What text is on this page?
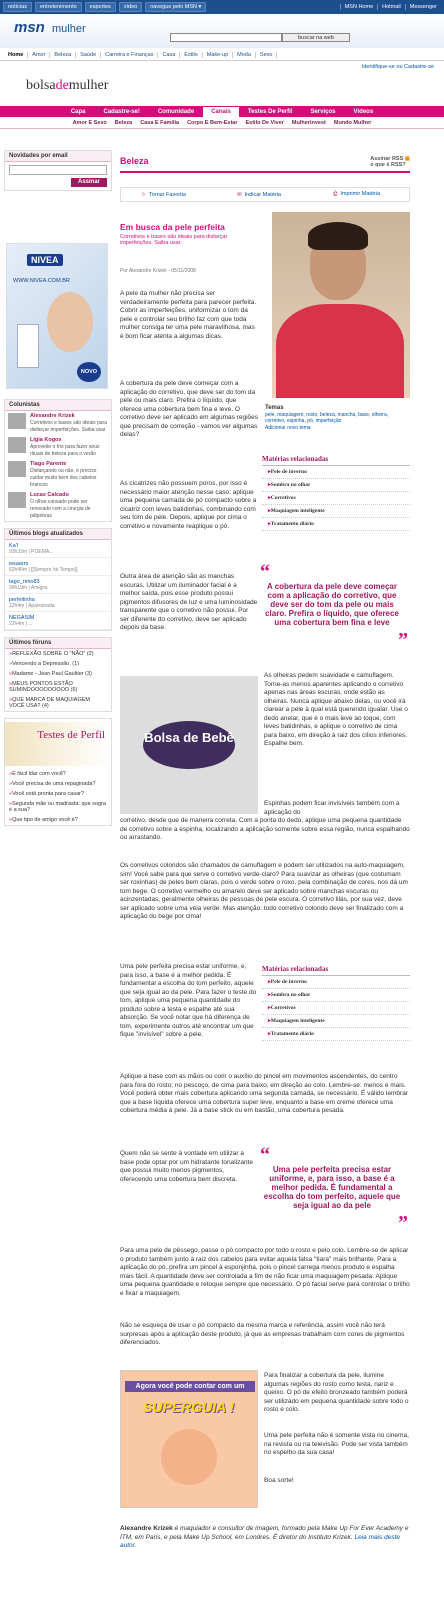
notícias	entretenimento	esportes	vídeo	navegue pelo MSN ▾	MSN Home	Hotmail	Messenger
msn mulher
buscar na web
Home	Amor	Beleza	Saúde	Carreira e Finanças	Casa	Estilo	Make-up	Moda	Sexo
bolsademulher
Identifique-se ou Cadastre-se
Capa	Cadastre-se!	Comunidade	Canais	Testes De Perfil	Serviços	Vídeos
Amor E Sexo	Beleza	Casa E Família	Corpo E Bem-Estar	Estilo De Viver	Mulherinvest	Mundo Mulher
Novidades por email
Assinar
NIVEA
WWW.NIVEA.COM.BR
NOVO
Colunistas
Alexandre Krizek
Corretivos e bases são ideais para disfarçar imperfeições. Saiba usar
Ligia Kogos
Aproveite o frio para fazer seus rituais de beleza para o verão
Tiago Parente
Disfarçando ou não, é preciso cuidar muito bem dos cabelos brancos
Lucas Calcado
O olhar cansado pode ser renovado com a cirurgia de pálpebras
Últimos blogs atualizados
Ka'l
93h32m | POEMA...
wsaarrs
62h45m | [[Sempre há Tempo]]
tago_rimo83
99h19m | Amigos
perfeitinha
22h4m | Apaixonada
NEGASIM
22h4m | ...
Últimos fóruns
» REFLEXÃO SOBRE O "NÃO" (2)
» Vencendo a Depressão. (1)
» Madame - Jean Paul Gaultier (3)
» MEUS PONTOS ESTÃO SUMINDOOOOOOOOO (6)
» QUE MARCA DE MAQUIAGEM VOCÊ USA? (4)
Testes de Perfil
» É fácil ldar com você?
» Você precisa de uma repaginada?
» Você está pronta para casar?
» Segunda mãe ou madrasta: que sogra é a sua?
» Que tipo de amigo você é?
Beleza	Assinar RSS ▣
o que é RSS?
☆ Tornar Favorita	✉ Indicar Matéria	⎙ Imprimir Matéria
Em busca da pele perfeita
Corretivos e bases são ideais para disfarçar imperfeições. Saiba usar
Por Alexandre Krizek - 05/11/2008
A pele da mulher não precisa ser verdadeiramente perfeita para parecer perfeita. Cobrir as imperfeições, uniformizar o tom da pele e controlar seu brilho faz com que toda mulher consiga ter uma pele maravilhosa, mas é bom ficar atenta a algumas dicas.
A cobertura da pele deve começar com a aplicação do corretivo, que deve ser do tom da pele ou mais claro. Prefira o líquido, que oferece uma cobertura bem fina e leve. O corretivo deve ser aplicado em algumas regiões que precisam de correção - vamos ver algumas delas?
As cicatrizes não possuem poros, por isso é necessário maior atenção nesse caso: aplique uma pequena camada de pó compacto sobre a cicatriz com leves batidinhas, combinando com seu tom de pele. Depois, aplique por cima o corretivo e novamente reaplique o pó.
Outra área de atenção são as manchas escuras. Utilizar um iluminador facial é a melhor saída, pois esse produto possui pigmentos difusores de luz e uma luminosidade transparente que o corretivo não possui. Por ser diferente do corretivo, deve ser aplicado depois da base.
Temas
pele, maquiagem, rosto, beleza, mancha, base, olheira, corretivo, espinha, pó, imperfeição
Adicionar novo tema
Matérias relacionadas
▸ Pele de inverno
▸ Sombra no olhar
▸ Corretivos
▸ Maquiagem inteligente
▸ Tratamento diário
“
A cobertura da pele deve começar com a aplicação do corretivo, que deve ser do tom da pele ou mais claro. Prefira o líquido, que oferece uma cobertura bem fina e leve
”
Bolsa de Bebê
As olheiras pedem suavidade e camuflagem. Torne-as menos aparentes aplicando o corretivo apenas nas áreas escuras, onde estão as olheiras. Nunca aplique abaixo delas, ou você irá clarear a pele à qual está querendo igualar. Use o dedo anelar, que é o mais leve ao toque, com leves batidinhas, e aplique o corretivo de cima para baixo, em direção à raiz dos cílios inferiores. Espalhe bem.
Espinhas podem ficar invisíveis também com a aplicação do
corretivo, desde que de maneira correta. Com a ponta do dedo, aplique uma pequena quantidade de corretivo sobre a espinha, localizando a aplicação somente sobre essa região, nunca espalhando ou arrastando.
Os corretivos coloridos são chamados de camuflagem e podem ser utilizados na auto-maquiagem, sim! Você sabe para que serve o corretivo verde-claro? Para suavizar as olheiras (que costumam ser roxinhas) de peles bem claras, pois o verde sobre o roxo, pela combinação de cores, nos dá um tom bege. O corretivo vermelho ou amarelo deve ser aplicado sobre manchas escuras ou acinzentadas, geralmente olheiras de pessoas de pele escura. O corretivo lilás, por sua vez, deve ser aplicado sobre uma veia verde. Mas atenção: todo corretivo colorido deve ser finalizado com a aplicação do bege por cima!
Uma pele perfeita precisa estar uniforme, e, para isso, a base é a melhor pedida. É fundamental a escolha do tom perfeito, aquele que seja igual ao da pele. Para fazer o teste do tom, aplique uma pequena quantidade do produto sobre a testa e espalhe até sua absorção. Se você notar que há diferença de tom, experimente outros até encontrar um que fique "invisível" sobre a pele.
Matérias relacionadas
▸ Pele de inverno
▸ Sombra no olhar
▸ Corretivos
▸ Maquiagem inteligente
▸ Tratamento diário
Aplique a base com as mãos ou com o auxílio do pincel em movimentos ascendentes, do centro para fora do rosto; no pescoço, de cima para baixo, em direção ao colo. Lembre-se: menos é mais. Você poderá obter mais cobertura aplicando uma segunda camada, se necessário. É válido lembrar que a base líquida oferece uma cobertura super leve, enquanto a base em creme oferece uma cobertura média à pele. Já a base stick ou em bastão, uma cobertura pesada.
Quem não se sente à vontade em utilizar a base pode optar por um hidratante tonalizante que possui muito menos pigmentos, oferecendo uma cobertura bem discreta.
“
Uma pele perfeita precisa estar uniforme, e, para isso, a base é a melhor pedida. É fundamental a escolha do tom perfeito, aquele que seja igual ao da pele
”
Para uma pele de pêssego, passe o pó compacto por todo o rosto e pelo colo. Lembre-se de aplicar o produto também junto à raiz dos cabelos para evitar aquela falsa "tiara" mais brilhante. Para a aplicação do pó, prefira um pincel à esponjinha, pois o pincel carrega menos produto e espalha mais fácil. A quantidade deve ser controlada a fim de não ficar uma maquiagem pesada. Aplique uma pequena quantidade e retoque sempre que necessário. O pó facial serve para controlar o brilho e fixar a maquiagem.
Não se esqueça de usar o pó compacto da mesma marca e referência, assim você não terá surpresas após a aplicação deste produto, já que as empresas trabalham com cores de pigmentos diferenciados.
Agora você pode contar com um
SUPERGUIA !
Para finalizar a cobertura da pele, ilumine algumas regiões do rosto como testa, nariz e queixo. O pó de efeito bronzeado também poderá ser utilizado em pequena quantidade sobre todo o rosto e colo.
Uma pele perfeita não é somente vista no cinema, na revista ou na televisão. Pode ser vista também no espelho da sua casa!
Boa sorte!
Alexandre Krizek é maquiador e consultor de imagem, formado pela Make Up For Ever Academy e ITM, em Paris, e pela Make Up School, em Londres. É diretor do Instituto Krizek. Leia mais deste autor.
